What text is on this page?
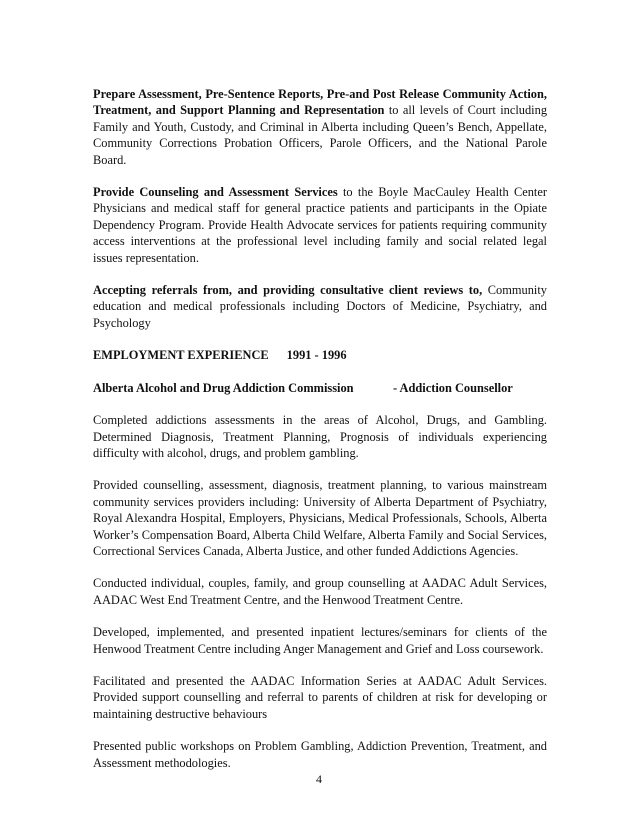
Prepare Assessment, Pre-Sentence Reports, Pre-and Post Release Community Action, Treatment, and Support Planning and Representation to all levels of Court including Family and Youth, Custody, and Criminal in Alberta including Queen’s Bench, Appellate, Community Corrections Probation Officers, Parole Officers, and the National Parole Board.

Provide Counseling and Assessment Services to the Boyle MacCauley Health Center Physicians and medical staff for general practice patients and participants in the Opiate Dependency Program. Provide Health Advocate services for patients requiring community access interventions at the professional level including family and social related legal issues representation.

Accepting referrals from, and providing consultative client reviews to, Community education and medical professionals including Doctors of Medicine, Psychiatry, and Psychology

EMPLOYMENT EXPERIENCE 1991 - 1996
Alberta Alcohol and Drug Addiction Commission	- Addiction Counsellor

Completed addictions assessments in the areas of Alcohol, Drugs, and Gambling. Determined Diagnosis, Treatment Planning, Prognosis of individuals experiencing difficulty with alcohol, drugs, and problem gambling.

Provided counselling, assessment, diagnosis, treatment planning, to various mainstream community services providers including: University of Alberta Department of Psychiatry, Royal Alexandra Hospital, Employers, Physicians, Medical Professionals, Schools, Alberta Worker’s Compensation Board, Alberta Child Welfare, Alberta Family and Social Services, Correctional Services Canada, Alberta Justice, and other funded Addictions Agencies.

Conducted individual, couples, family, and group counselling at AADAC Adult Services, AADAC West End Treatment Centre, and the Henwood Treatment Centre.

Developed, implemented, and presented inpatient lectures/seminars for clients of the Henwood Treatment Centre including Anger Management and Grief and Loss coursework.

Facilitated and presented the AADAC Information Series at AADAC Adult Services. Provided support counselling and referral to parents of children at risk for developing or maintaining destructive behaviours

Presented public workshops on Problem Gambling, Addiction Prevention, Treatment, and Assessment methodologies.

4
